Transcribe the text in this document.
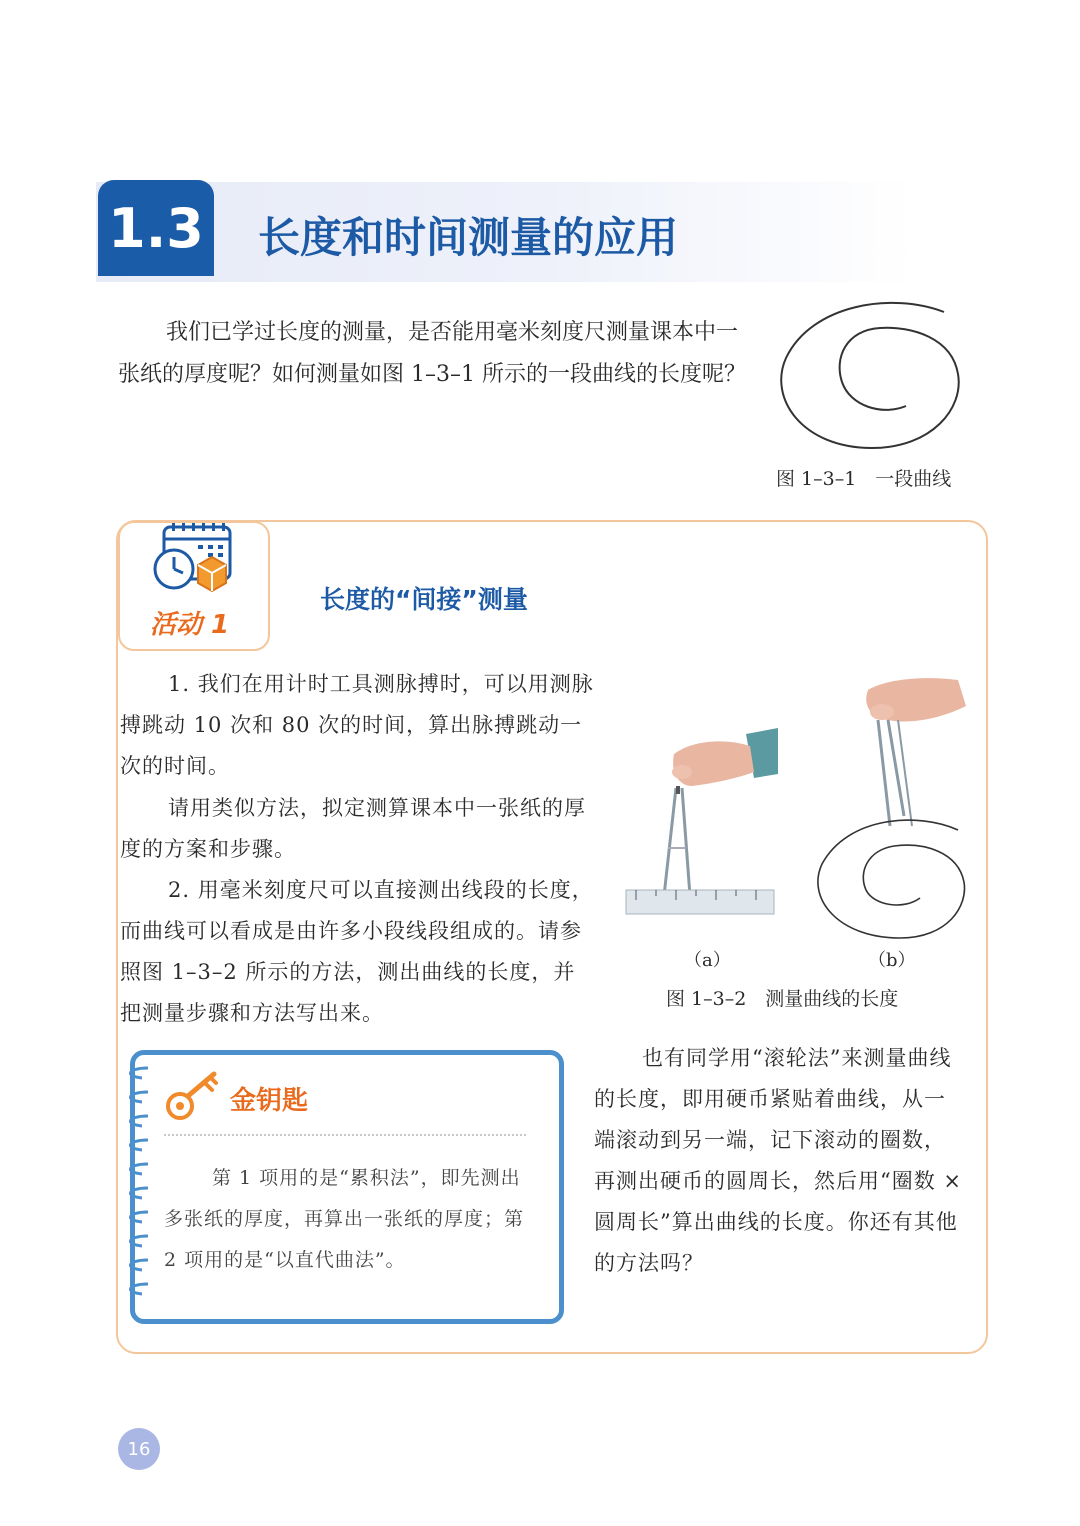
1.3 长度和时间测量的应用

我们已学过长度的测量，是否能用毫米刻度尺测量课本中一张纸的厚度呢？如何测量如图 1–3–1 所示的一段曲线的长度呢？

图 1–3–1　一段曲线
活动 1
长度的“间接”测量

1. 我们在用计时工具测脉搏时，可以用测脉搏跳动 10 次和 80 次的时间，算出脉搏跳动一次的时间。

请用类似方法，拟定测算课本中一张纸的厚度的方案和步骤。

2. 用毫米刻度尺可以直接测出线段的长度，而曲线可以看成是由许多小段线段组成的。请参照图 1–3–2 所示的方法，测出曲线的长度，并把测量步骤和方法写出来。

（a）	（b）
图 1–3–2　测量曲线的长度
金钥匙

第 1 项用的是“累积法”，即先测出多张纸的厚度，再算出一张纸的厚度；第 2 项用的是“以直代曲法”。

也有同学用“滚轮法”来测量曲线的长度，即用硬币紧贴着曲线，从一端滚动到另一端，记下滚动的圈数，再测出硬币的圆周长，然后用“圈数 × 圆周长”算出曲线的长度。你还有其他的方法吗？

16
